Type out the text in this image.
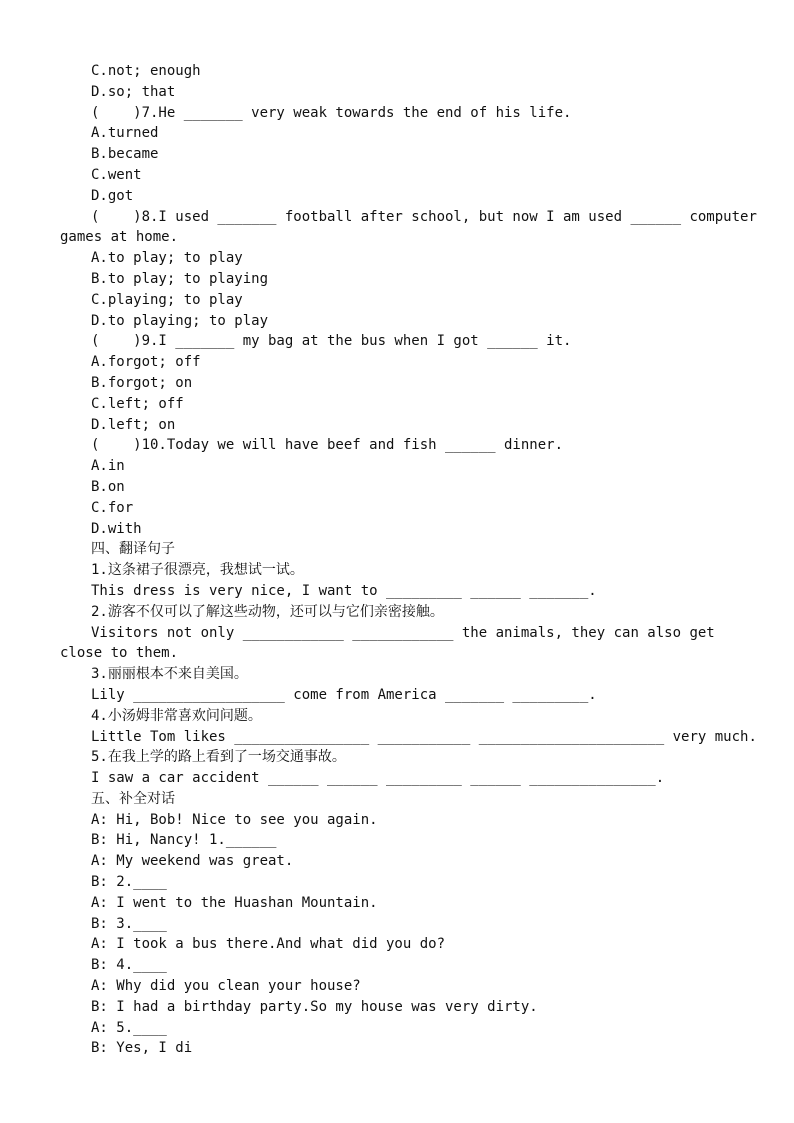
C.not; enough
D.so; that
(    )7.He _______ very weak towards the end of his life.
A.turned
B.became
C.went
D.got
(    )8.I used _______ football after school, but now I am used ______ computer
games at home.
A.to play; to play
B.to play; to playing
C.playing; to play
D.to playing; to play
(    )9.I _______ my bag at the bus when I got ______ it.
A.forgot; off
B.forgot; on
C.left; off
D.left; on
(    )10.Today we will have beef and fish ______ dinner.
A.in
B.on
C.for
D.with
四、翻译句子
1.这条裙子很漂亮，我想试一试。
This dress is very nice, I want to _________ ______ _______.
2.游客不仅可以了解这些动物，还可以与它们亲密接触。
Visitors not only ____________ ____________ the animals, they can also get
close to them.
3.丽丽根本不来自美国。
Lily __________________ come from America _______ _________.
4.小汤姆非常喜欢问问题。
Little Tom likes ________________ ___________ ______________________ very much.
5.在我上学的路上看到了一场交通事故。
I saw a car accident ______ ______ _________ ______ _______________.
五、补全对话
A: Hi, Bob! Nice to see you again.
B: Hi, Nancy! 1.______
A: My weekend was great.
B: 2.____
A: I went to the Huashan Mountain.
B: 3.____
A: I took a bus there.And what did you do?
B: 4.____
A: Why did you clean your house?
B: I had a birthday party.So my house was very dirty.
A: 5.____
B: Yes, I di
